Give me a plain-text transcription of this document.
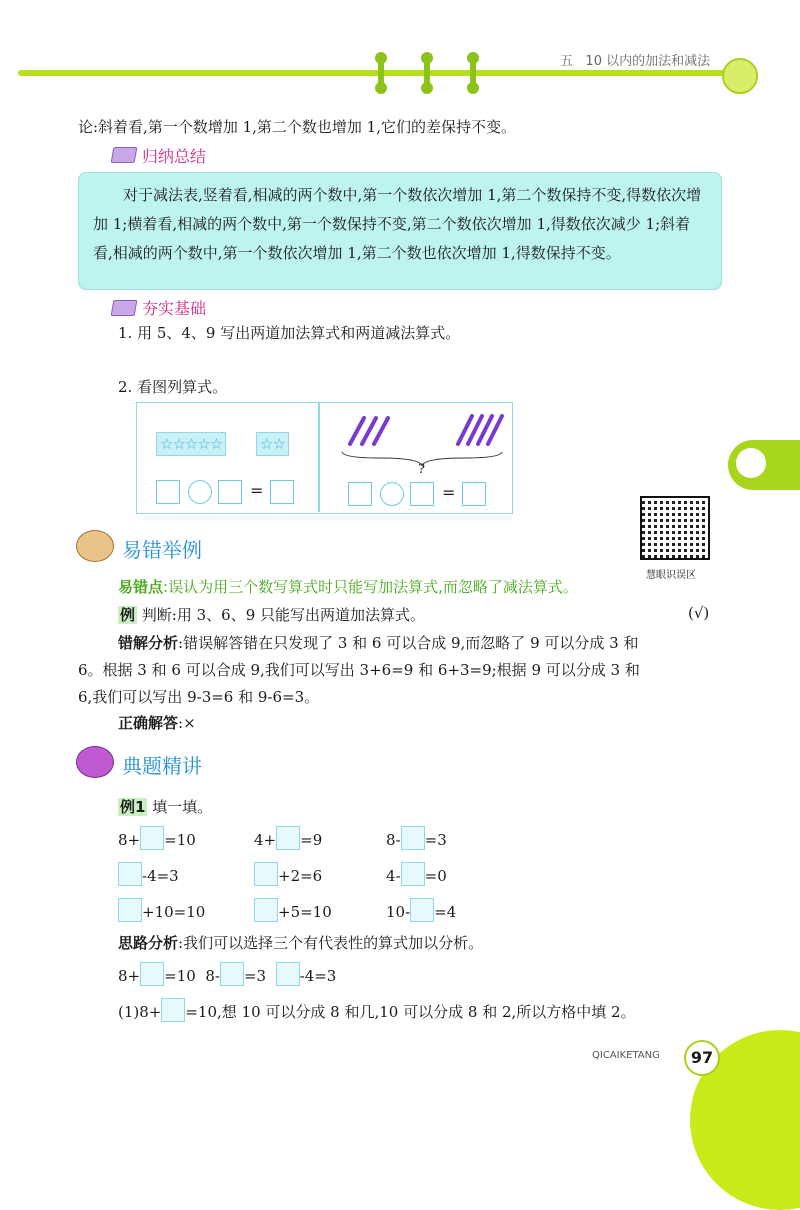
五 10 以内的加法和减法
论:斜着看,第一个数增加 1,第二个数也增加 1,它们的差保持不变。
归纳总结

对于减法表,竖着看,相减的两个数中,第一个数依次增加 1,第二个数保持不变,得数依次增加 1;横着看,相减的两个数中,第一个数保持不变,第二个数依次增加 1,得数依次减少 1;斜着看,相减的两个数中,第一个数依次增加 1,第二个数也依次增加 1,得数保持不变。

夯实基础
1. 用 5、4、9 写出两道加法算式和两道减法算式。
2. 看图列算式。
☆☆☆☆☆	☆☆
=
?
=
慧眼识误区
易错举例
易错点:误认为用三个数写算式时只能写加法算式,而忽略了减法算式。
例 判断:用 3、6、9 只能写出两道加法算式。	(√)
错解分析:错误解答错在只发现了 3 和 6 可以合成 9,而忽略了 9 可以分成 3 和
6。根据 3 和 6 可以合成 9,我们可以写出 3+6=9 和 6+3=9;根据 9 可以分成 3 和
6,我们可以写出 9-3=6 和 9-6=3。
正确解答:×
典题精讲
例1 填一填。
8+ =10	4+ =9	8- =3
-4=3	+2=6	4- =0
+10=10	+5=10	10- =4
思路分析:我们可以选择三个有代表性的算式加以分析。
8+ =10 8- =3 -4=3
(1)8+ =10,想 10 可以分成 8 和几,10 可以分成 8 和 2,所以方格中填 2。
QICAIKETANG	97
